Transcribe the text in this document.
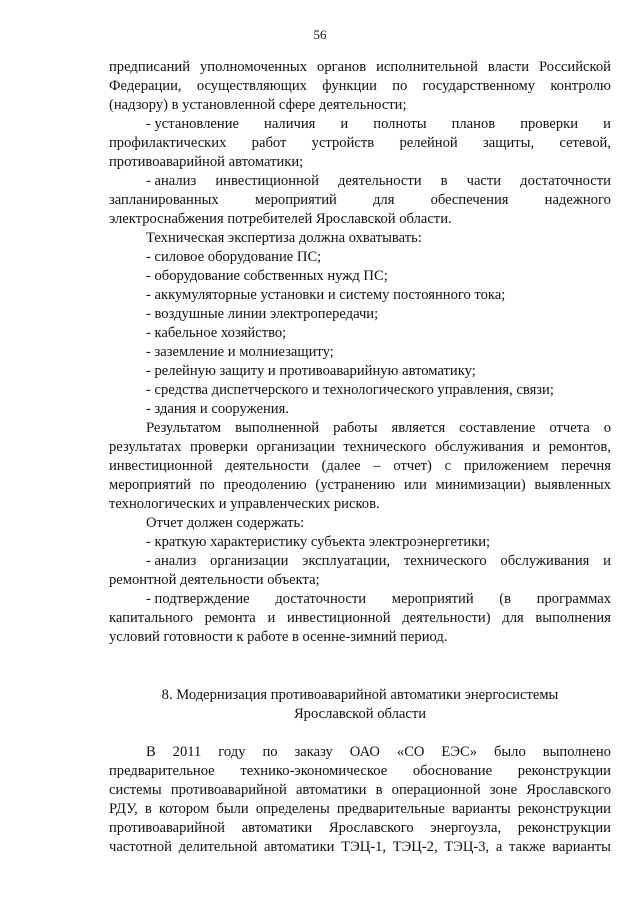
56
предписаний уполномоченных органов исполнительной власти Российской
Федерации, осуществляющих функции по государственному контролю
(надзору) в установленной сфере деятельности;
- установление наличия и полноты планов проверки и
профилактических работ устройств релейной защиты, сетевой,
противоаварийной автоматики;
- анализ инвестиционной деятельности в части достаточности
запланированных мероприятий для обеспечения надежного
электроснабжения потребителей Ярославской области.
Техническая экспертиза должна охватывать:
- силовое оборудование ПС;
- оборудование собственных нужд ПС;
- аккумуляторные установки и систему постоянного тока;
- воздушные линии электропередачи;
- кабельное хозяйство;
- заземление и молниезащиту;
- релейную защиту и противоаварийную автоматику;
- средства диспетчерского и технологического управления, связи;
- здания и сооружения.
Результатом выполненной работы является составление отчета о
результатах проверки организации технического обслуживания и ремонтов,
инвестиционной деятельности (далее – отчет) с приложением перечня
мероприятий по преодолению (устранению или минимизации) выявленных
технологических и управленческих рисков.
Отчет должен содержать:
- краткую характеристику субъекта электроэнергетики;
- анализ организации эксплуатации, технического обслуживания и
ремонтной деятельности объекта;
- подтверждение достаточности мероприятий (в программах
капитального ремонта и инвестиционной деятельности) для выполнения
условий готовности к работе в осенне-зимний период.
8. Модернизация противоаварийной автоматики энергосистемы
Ярославской области
В 2011 году по заказу ОАО «СО ЕЭС» было выполнено
предварительное технико-экономическое обоснование реконструкции
системы противоаварийной автоматики в операционной зоне Ярославского
РДУ, в котором были определены предварительные варианты реконструкции
противоаварийной автоматики Ярославского энергоузла, реконструкции
частотной делительной автоматики ТЭЦ-1, ТЭЦ-2, ТЭЦ-3, а также варианты
